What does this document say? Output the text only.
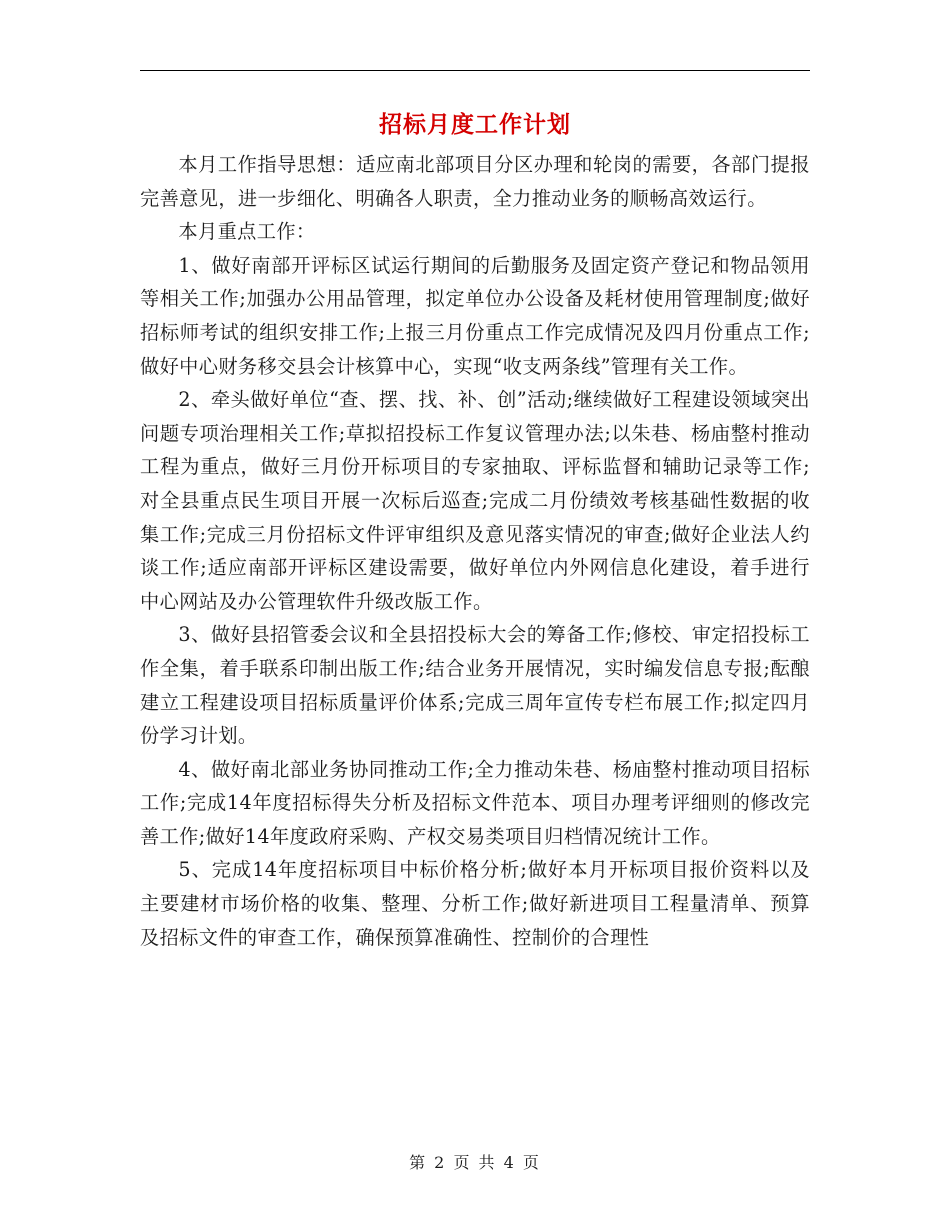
招标月度工作计划

本月工作指导思想：适应南北部项目分区办理和轮岗的需要，各部门提报完善意见，进一步细化、明确各人职责，全力推动业务的顺畅高效运行。

本月重点工作：

1、做好南部开评标区试运行期间的后勤服务及固定资产登记和物品领用等相关工作;加强办公用品管理，拟定单位办公设备及耗材使用管理制度;做好招标师考试的组织安排工作;上报三月份重点工作完成情况及四月份重点工作;做好中心财务移交县会计核算中心，实现“收支两条线”管理有关工作。

2、牵头做好单位“查、摆、找、补、创”活动;继续做好工程建设领域突出问题专项治理相关工作;草拟招投标工作复议管理办法;以朱巷、杨庙整村推动工程为重点，做好三月份开标项目的专家抽取、评标监督和辅助记录等工作;对全县重点民生项目开展一次标后巡查;完成二月份绩效考核基础性数据的收集工作;完成三月份招标文件评审组织及意见落实情况的审查;做好企业法人约谈工作;适应南部开评标区建设需要，做好单位内外网信息化建设，着手进行中心网站及办公管理软件升级改版工作。

3、做好县招管委会议和全县招投标大会的筹备工作;修校、审定招投标工作全集，着手联系印制出版工作;结合业务开展情况，实时编发信息专报;酝酿建立工程建设项目招标质量评价体系;完成三周年宣传专栏布展工作;拟定四月份学习计划。

4、做好南北部业务协同推动工作;全力推动朱巷、杨庙整村推动项目招标工作;完成14年度招标得失分析及招标文件范本、项目办理考评细则的修改完善工作;做好14年度政府采购、产权交易类项目归档情况统计工作。

5、完成14年度招标项目中标价格分析;做好本月开标项目报价资料以及主要建材市场价格的收集、整理、分析工作;做好新进项目工程量清单、预算及招标文件的审查工作，确保预算准确性、控制价的合理性

第 2 页 共 4 页
